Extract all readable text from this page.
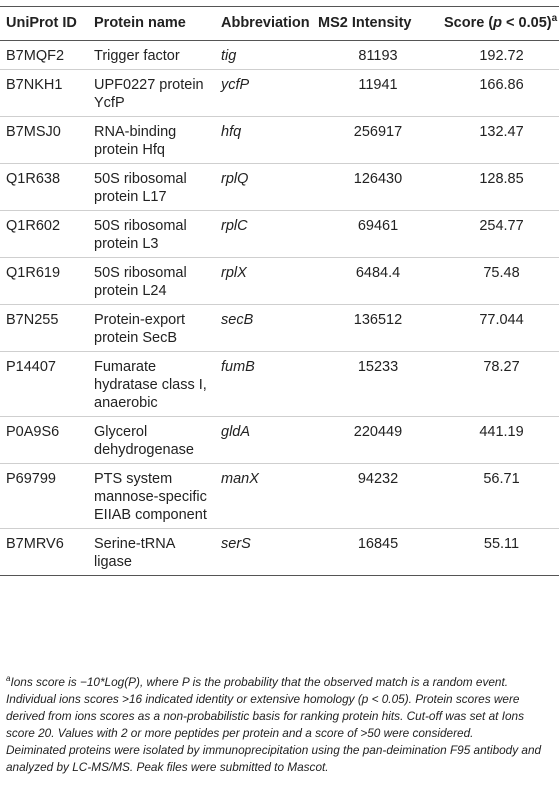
UniProt ID	Protein name	Abbreviation	MS2 Intensity	Score (p < 0.05)$^a$
B7MQF2	Trigger factor	tig	81193	192.72
B7NKH1	UPF0227 protein YcfP	ycfP	11941	166.86
B7MSJ0	RNA-binding protein Hfq	hfq	256917	132.47
Q1R638	50S ribosomal protein L17	rplQ	126430	128.85
Q1R602	50S ribosomal protein L3	rplC	69461	254.77
Q1R619	50S ribosomal protein L24	rplX	6484.4	75.48
B7N255	Protein-export protein SecB	secB	136512	77.044
P14407	Fumarate hydratase class I, anaerobic	fumB	15233	78.27
P0A9S6	Glycerol dehydrogenase	gldA	220449	441.19
P69799	PTS system mannose-specific EIIAB component	manX	94232	56.71
B7MRV6	Serine-tRNA ligase	serS	16845	55.11

$^a$Ions score is −10*Log(P), where P is the probability that the observed match is a random event. Individual ions scores >16 indicated identity or extensive homology (p < 0.05). Protein scores were derived from ions scores as a non-probabilistic basis for ranking protein hits. Cut-off was set at Ions score 20. Values with 2 or more peptides per protein and a score of >50 were considered.

Deiminated proteins were isolated by immunoprecipitation using the pan-deimination F95 antibody and analyzed by LC-MS/MS. Peak files were submitted to Mascot.
